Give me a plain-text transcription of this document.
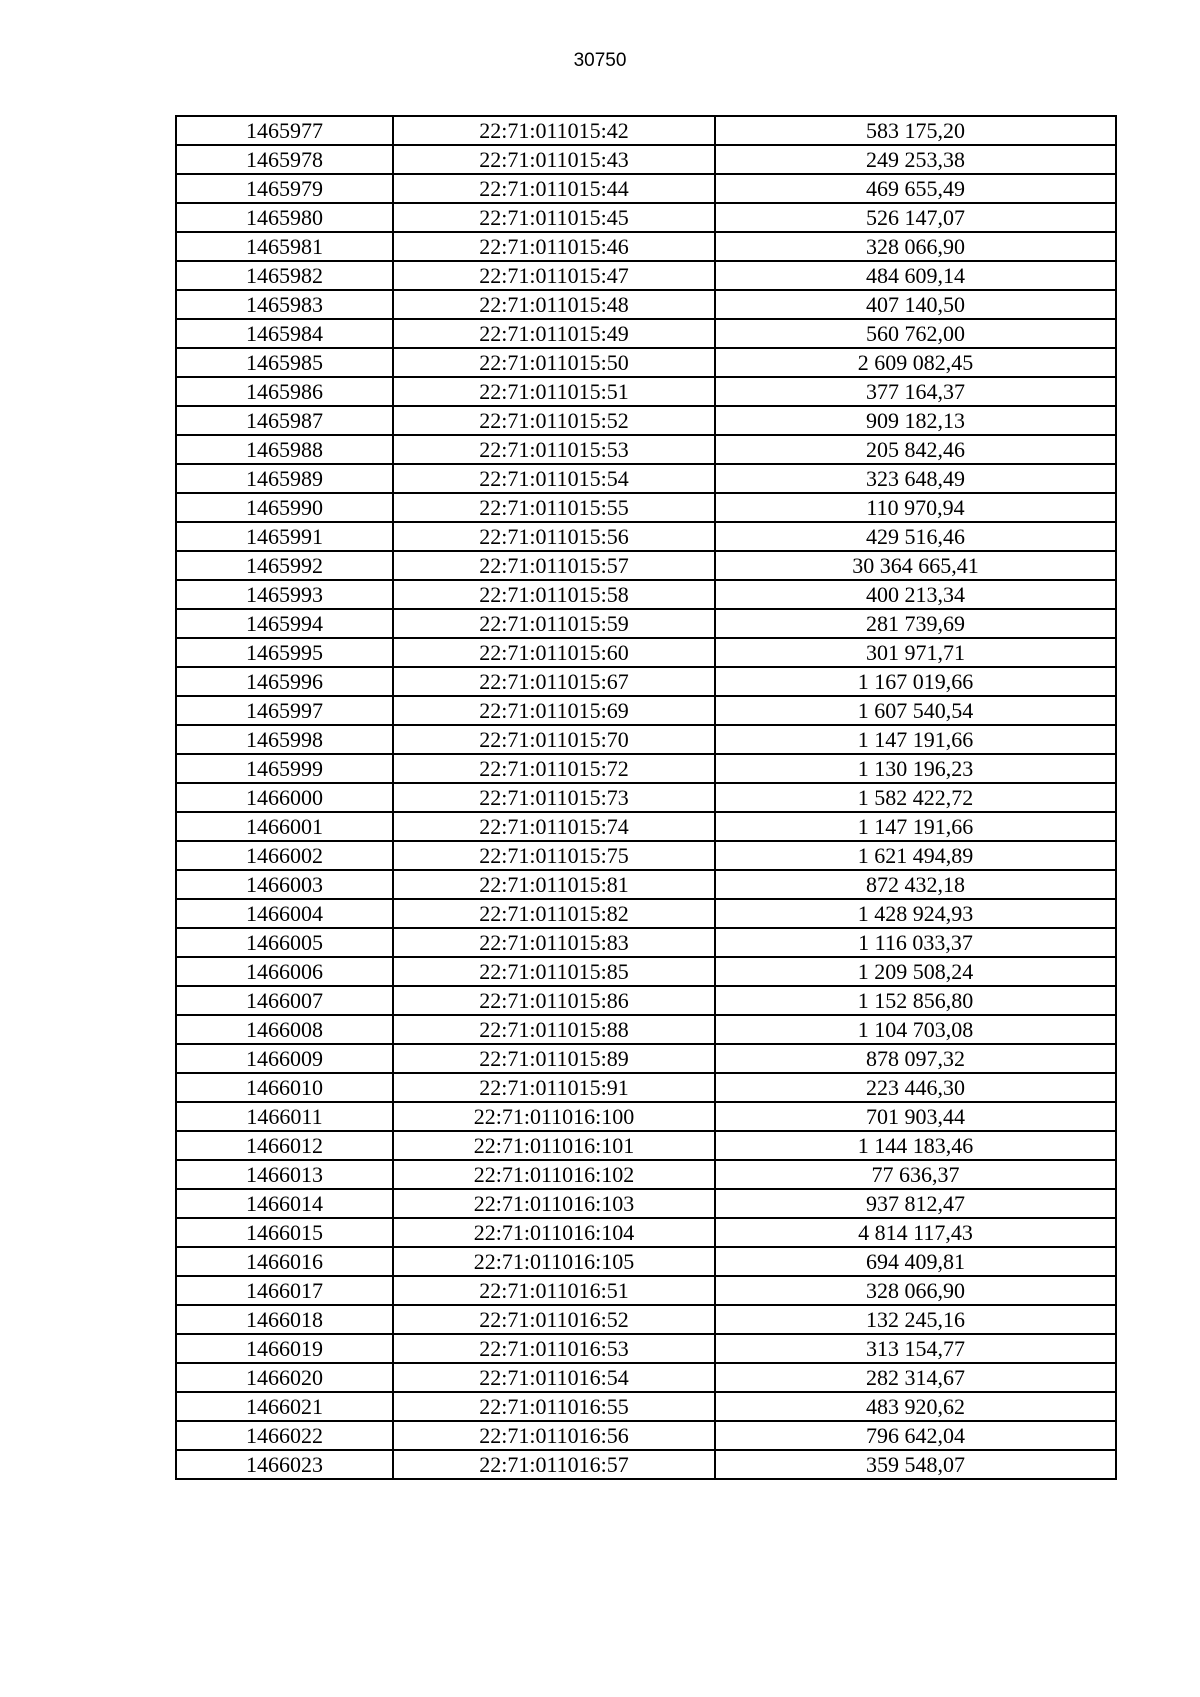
30750
1465977	22:71:011015:42	583 175,20
1465978	22:71:011015:43	249 253,38
1465979	22:71:011015:44	469 655,49
1465980	22:71:011015:45	526 147,07
1465981	22:71:011015:46	328 066,90
1465982	22:71:011015:47	484 609,14
1465983	22:71:011015:48	407 140,50
1465984	22:71:011015:49	560 762,00
1465985	22:71:011015:50	2 609 082,45
1465986	22:71:011015:51	377 164,37
1465987	22:71:011015:52	909 182,13
1465988	22:71:011015:53	205 842,46
1465989	22:71:011015:54	323 648,49
1465990	22:71:011015:55	110 970,94
1465991	22:71:011015:56	429 516,46
1465992	22:71:011015:57	30 364 665,41
1465993	22:71:011015:58	400 213,34
1465994	22:71:011015:59	281 739,69
1465995	22:71:011015:60	301 971,71
1465996	22:71:011015:67	1 167 019,66
1465997	22:71:011015:69	1 607 540,54
1465998	22:71:011015:70	1 147 191,66
1465999	22:71:011015:72	1 130 196,23
1466000	22:71:011015:73	1 582 422,72
1466001	22:71:011015:74	1 147 191,66
1466002	22:71:011015:75	1 621 494,89
1466003	22:71:011015:81	872 432,18
1466004	22:71:011015:82	1 428 924,93
1466005	22:71:011015:83	1 116 033,37
1466006	22:71:011015:85	1 209 508,24
1466007	22:71:011015:86	1 152 856,80
1466008	22:71:011015:88	1 104 703,08
1466009	22:71:011015:89	878 097,32
1466010	22:71:011015:91	223 446,30
1466011	22:71:011016:100	701 903,44
1466012	22:71:011016:101	1 144 183,46
1466013	22:71:011016:102	77 636,37
1466014	22:71:011016:103	937 812,47
1466015	22:71:011016:104	4 814 117,43
1466016	22:71:011016:105	694 409,81
1466017	22:71:011016:51	328 066,90
1466018	22:71:011016:52	132 245,16
1466019	22:71:011016:53	313 154,77
1466020	22:71:011016:54	282 314,67
1466021	22:71:011016:55	483 920,62
1466022	22:71:011016:56	796 642,04
1466023	22:71:011016:57	359 548,07
